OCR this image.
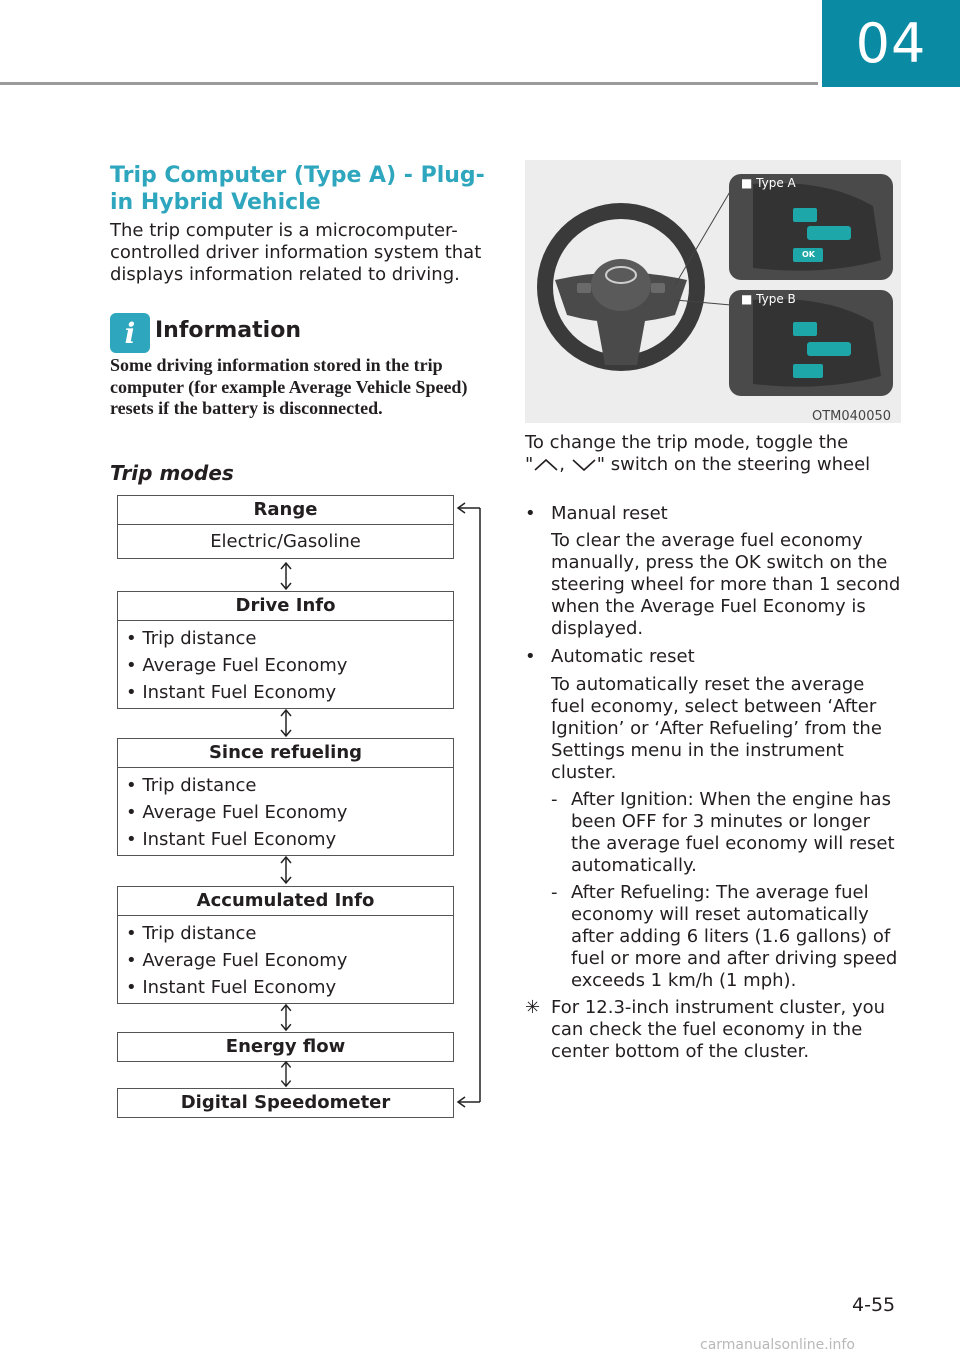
04
Trip Computer (Type A) - Plug-in Hybrid Vehicle
The trip computer is a microcomputer-controlled driver information system that displays information related to driving.
i Information
Some driving information stored in the trip computer (for example Average Vehicle Speed) resets if the battery is disconnected.
Trip modes
Range
Electric/Gasoline
Drive Info
• Trip distance
• Average Fuel Economy
• Instant Fuel Economy
Since refueling
• Trip distance
• Average Fuel Economy
• Instant Fuel Economy
Accumulated Info
• Trip distance
• Average Fuel Economy
• Instant Fuel Economy
Energy flow
Digital Speedometer
■ Type A
■ Type B
OK
OTM040050
To change the trip mode, toggle the
" , " switch on the steering wheel
• Manual reset
To clear the average fuel economy manually, press the OK switch on the steering wheel for more than 1 second when the Average Fuel Economy is displayed.
• Automatic reset
To automatically reset the average fuel economy, select between ‘After Ignition’ or ‘After Refueling’ from the Settings menu in the instrument cluster.
- After Ignition: When the engine has been OFF for 3 minutes or longer the average fuel economy will reset automatically.
- After Refueling: The average fuel economy will reset automatically after adding 6 liters (1.6 gallons) of fuel or more and after driving speed exceeds 1 km/h (1 mph).
✳ For 12.3-inch instrument cluster, you can check the fuel economy in the center bottom of the cluster.
4-55
carmanualsonline.info
